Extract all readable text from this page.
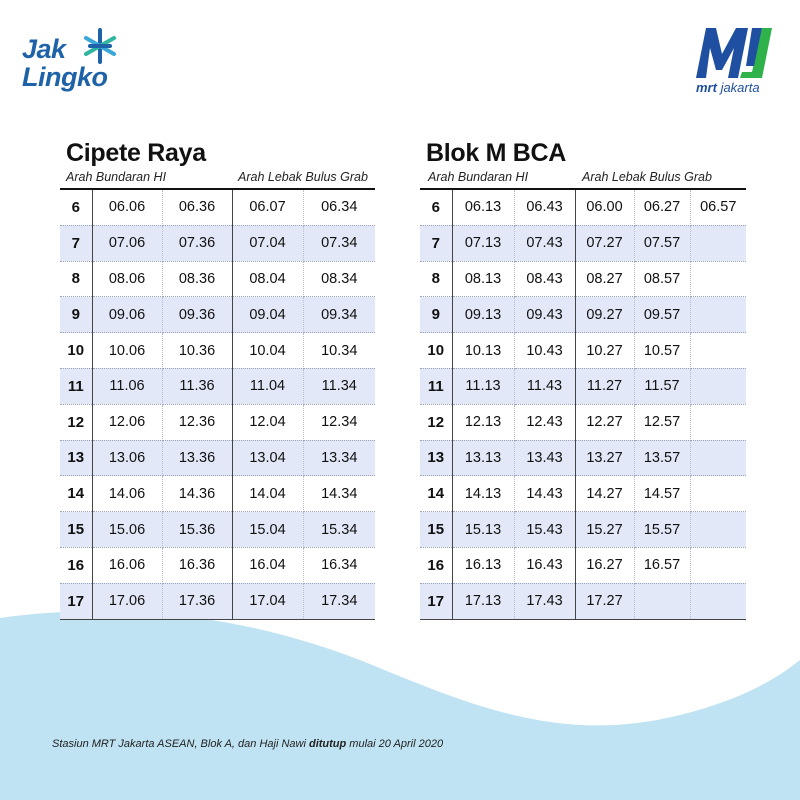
Jak
Lingko	mrt jakarta
Cipete Raya
Arah Bundaran HI	Arah Lebak Bulus Grab
6	06.06	06.36	06.07	06.34
7	07.06	07.36	07.04	07.34
8	08.06	08.36	08.04	08.34
9	09.06	09.36	09.04	09.34
10	10.06	10.36	10.04	10.34
11	11.06	11.36	11.04	11.34
12	12.06	12.36	12.04	12.34
13	13.06	13.36	13.04	13.34
14	14.06	14.36	14.04	14.34
15	15.06	15.36	15.04	15.34
16	16.06	16.36	16.04	16.34
17	17.06	17.36	17.04	17.34
Blok M BCA
Arah Bundaran HI	Arah Lebak Bulus Grab
6	06.13	06.43	06.00	06.27	06.57
7	07.13	07.43	07.27	07.57	
8	08.13	08.43	08.27	08.57	
9	09.13	09.43	09.27	09.57	
10	10.13	10.43	10.27	10.57	
11	11.13	11.43	11.27	11.57	
12	12.13	12.43	12.27	12.57	
13	13.13	13.43	13.27	13.57	
14	14.13	14.43	14.27	14.57	
15	15.13	15.43	15.27	15.57	
16	16.13	16.43	16.27	16.57	
17	17.13	17.43	17.27		
Stasiun MRT Jakarta ASEAN, Blok A, dan Haji Nawi ditutup mulai 20 April 2020
